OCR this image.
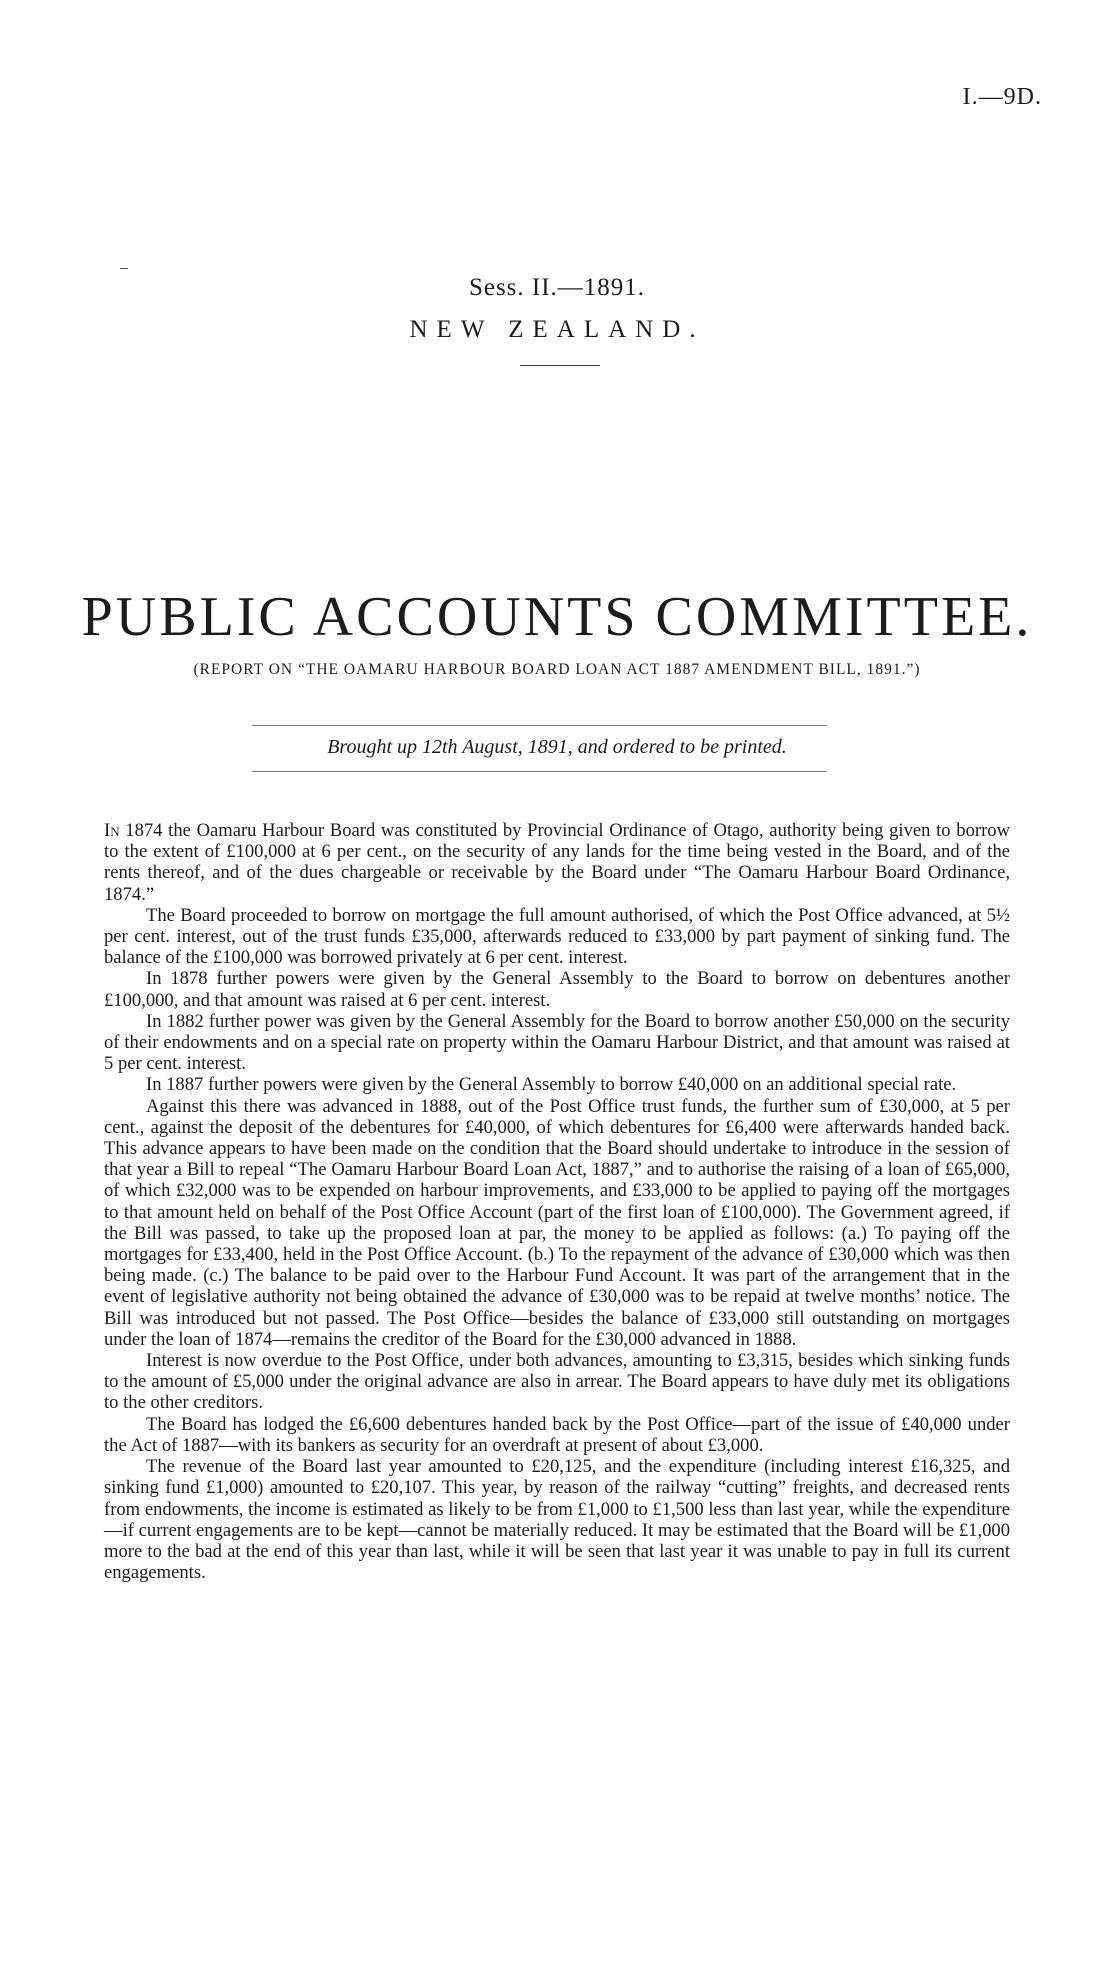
I.—9D.
Sess. II.—1891.
NEW ZEALAND.
PUBLIC ACCOUNTS COMMITTEE.
(REPORT ON “THE OAMARU HARBOUR BOARD LOAN ACT 1887 AMENDMENT BILL, 1891.”)
Brought up 12th August, 1891, and ordered to be printed.

In 1874 the Oamaru Harbour Board was constituted by Provincial Ordinance of Otago, authority being given to borrow to the extent of £100,000 at 6 per cent., on the security of any lands for the time being vested in the Board, and of the rents thereof, and of the dues chargeable or receivable by the Board under “The Oamaru Harbour Board Ordinance, 1874.”

The Board proceeded to borrow on mortgage the full amount authorised, of which the Post Office advanced, at 5½ per cent. interest, out of the trust funds £35,000, afterwards reduced to £33,000 by part payment of sinking fund. The balance of the £100,000 was borrowed privately at 6 per cent. interest.

In 1878 further powers were given by the General Assembly to the Board to borrow on debentures another £100,000, and that amount was raised at 6 per cent. interest.

In 1882 further power was given by the General Assembly for the Board to borrow another £50,000 on the security of their endowments and on a special rate on property within the Oamaru Harbour District, and that amount was raised at 5 per cent. interest.

In 1887 further powers were given by the General Assembly to borrow £40,000 on an additional special rate.

Against this there was advanced in 1888, out of the Post Office trust funds, the further sum of £30,000, at 5 per cent., against the deposit of the debentures for £40,000, of which debentures for £6,400 were afterwards handed back. This advance appears to have been made on the condition that the Board should undertake to introduce in the session of that year a Bill to repeal “The Oamaru Harbour Board Loan Act, 1887,” and to authorise the raising of a loan of £65,000, of which £32,000 was to be expended on harbour improvements, and £33,000 to be applied to paying off the mortgages to that amount held on behalf of the Post Office Account (part of the first loan of £100,000). The Government agreed, if the Bill was passed, to take up the proposed loan at par, the money to be applied as follows: (a.) To paying off the mortgages for £33,400, held in the Post Office Account. (b.) To the repayment of the advance of £30,000 which was then being made. (c.) The balance to be paid over to the Harbour Fund Account. It was part of the arrangement that in the event of legislative authority not being obtained the advance of £30,000 was to be repaid at twelve months’ notice. The Bill was introduced but not passed. The Post Office—besides the balance of £33,000 still outstanding on mortgages under the loan of 1874—remains the creditor of the Board for the £30,000 advanced in 1888.

Interest is now overdue to the Post Office, under both advances, amounting to £3,315, besides which sinking funds to the amount of £5,000 under the original advance are also in arrear. The Board appears to have duly met its obligations to the other creditors.

The Board has lodged the £6,600 debentures handed back by the Post Office—part of the issue of £40,000 under the Act of 1887—with its bankers as security for an overdraft at present of about £3,000.

The revenue of the Board last year amounted to £20,125, and the expenditure (including interest £16,325, and sinking fund £1,000) amounted to £20,107. This year, by reason of the railway “cutting” freights, and decreased rents from endowments, the income is estimated as likely to be from £1,000 to £1,500 less than last year, while the expenditure—if current engagements are to be kept—cannot be materially reduced. It may be estimated that the Board will be £1,000 more to the bad at the end of this year than last, while it will be seen that last year it was unable to pay in full its current engagements.
